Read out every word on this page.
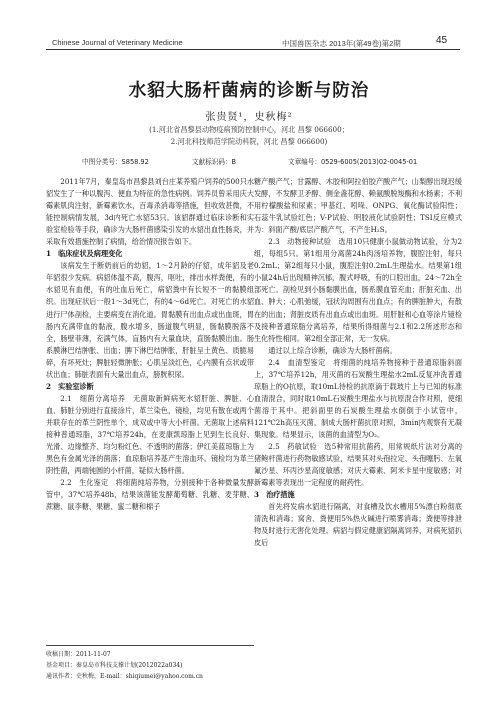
Chinese Journal of Veterinary Medicine	中国兽医杂志 2013年(第49卷)第2期	45
水貂大肠杆菌病的诊断与防治
张贵贤¹，史秋梅²
(1.河北省昌黎县动物疫病预防控制中心，河北 昌黎 066600；
2.河北科技师范学院动科院，河北 昌黎 066600)
中图分类号：S858.92	文献标识码：B	文章编号：0529-6005(2013)02-0045-01

2011年7月，秦皇岛市昌黎县刘台庄某养殖户饲养的500只水貂发生了一种以腹泻、便血为特征的急性病例。饲养员曾采用庆大霉素肌肉注射，新霉素饮水，百毒杀消毒等措施，但收效甚微，不能控制病情发展，3d内死亡水貂53只。该貂群通过临床诊断和实验室检验等手段，确诊为大肠杆菌感染引发的水貂出血性肠炎，并采取有效措施控制了病情，给治情况报告如下。

1　临床症状及病理变化

该病发生于断奶前后的幼貂，1～2月龄的仔貂，成年貂及老年貂很少发病。病貂体温不高，腹泻，呕吐，排出水样粪便，有的水貂见有血便，有的吐血后死亡，病貂粪中有长短不一的黏膜组织。出现症状后一般1～3d死亡，有的4～6d死亡。对死亡的水貂进行尸体剖检，主要病变在消化道。胃黏膜有出血点或出血斑，胃肠内充满带血的黏液，腹水增多，肠道腹气明显，肠黏膜脱落不全，肠壁菲薄，充满气体，盲肠内有大量血块，直肠黏膜出血。肠系膜淋巴结肿胀、出血；脾下淋巴结肿胀，肝脏呈土黄色、质脆易碎，有坏死灶；脾脏轻微肿胀；心肌呈淡红色，心内膜有点状或带状出血；肺脏表面有大量出血点，膀胱积尿。

2　实验室诊断

2.1　细菌分离培养　无菌取新鲜病死水貂肝脏、脾脏、心血、肺脏分别进行直接涂片，革兰染色，镜检，均见有散在或两个并联存在的革兰阴性单个、成双或中等大小杆菌。无菌取上述病料接种普通琼脂，37℃培养24h，在麦康凯琼脂上见到生长良好、光滑、边缘整齐、均匀粉红色、不透明的菌落；伊红美蓝琼脂上为黑色有金属光泽的菌落；血琼脂培养基产生溶血环。镜检均为革兰阴性菌，两端钝圆的小杆菌，疑似大肠杆菌。

2.2　生化鉴定　将细菌纯培养物，分别接种于各种微量发酵管中，37℃培养48h，结果该菌能发酵葡萄糖、乳糖、麦芽糖、蔗糖、鼠李糖、果糖、蜜二糖和棉子

糖产酸产气；甘露醇、木胶和阿拉伯胶产酸产气；山梨醇出现迟缓发酵，不发酵卫矛醇、侧金盏花醇、赖氨酸脱羧酶和水杨素；不利用柠檬酸盐和尿素；甲基红、吲哚、ONPG、氧化酶试验阳性；石蕊牛乳试验红色；V-P试验、明胶液化试验阴性；TSI反应模式为：斜面产酸/底层产酸产气，不产生H₂S。

2.3　动物接种试验　选用10只健康小鼠做动物试验，分为2组，每组5只。第1组用分离菌24h肉汤培养物，腹腔注射，每只0.2mL；第2组每只小鼠，腹腔注射0.2mL生理盐水。结果第1组小鼠24h后出现精神沉郁，腹式呼吸，有的口腔出血，24～72h全部死亡。剖检见到小肠黏膜出血，肠系膜血管充血；肝脏充血、出血、肿大；心肌弛缓，冠状沟周围有出血点；有的脾脏肿大，有散在的出血；肾脏皮质有出血点或出血斑。用肝脏和心血等涂片镜检及接种普通琼脂分离培养，结果所得细菌与2.1和2.2所述形态和生化特性相同。第2组全部正常，无一发病。

通过以上综合诊断，确诊为大肠杆菌病。

2.4　血清型鉴定　将细菌的纯培养物接种于普通琼脂斜面上，37℃培养12h，用灭菌的石炭酸生理盐水2mL反复冲洗普通琼脂上的O抗原，取10mL待检的抗原滴于载玻片上与已知的标准血清混合，同时取10mL石炭酸生理盐水与抗原混合作对照，使细菌溶于其中。把斜面里的石炭酸生理盐水倒倒于小试管中，121℃2h高压灭菌，制成大肠杆菌抗原对照，3min内观察有无凝集现象。结果显示，该菌的血清型为O₂。

2.5　药敏试验　选5种常用抗菌药，用常规纸片法对分离的猪鲍杆菌进行药物敏感试验，结果其对头孢拉定、头孢噻肟、左氧氟沙星、环丙沙星高度敏感；对庆大霉素、阿米卡星中度敏感；对新霉素等表现出一定程度的耐药性。

3　治疗措施

首先将发病水貂进行隔离，对食槽及饮水槽用5%漂白粉彻底清洗和消毒；窝舍、粪便用5%热火碱进行喷雾消毒；粪便等排泄物及时进行无害化处理。病貂与假定健康貂隔离饲养，对病死貂扒皮后

收稿日期：2011-11-07

基金项目：秦皇岛市科技支撑计划(2012022a034)

通讯作者：史秋梅，E-mail：shiqiumei@yahoo.com.cn
